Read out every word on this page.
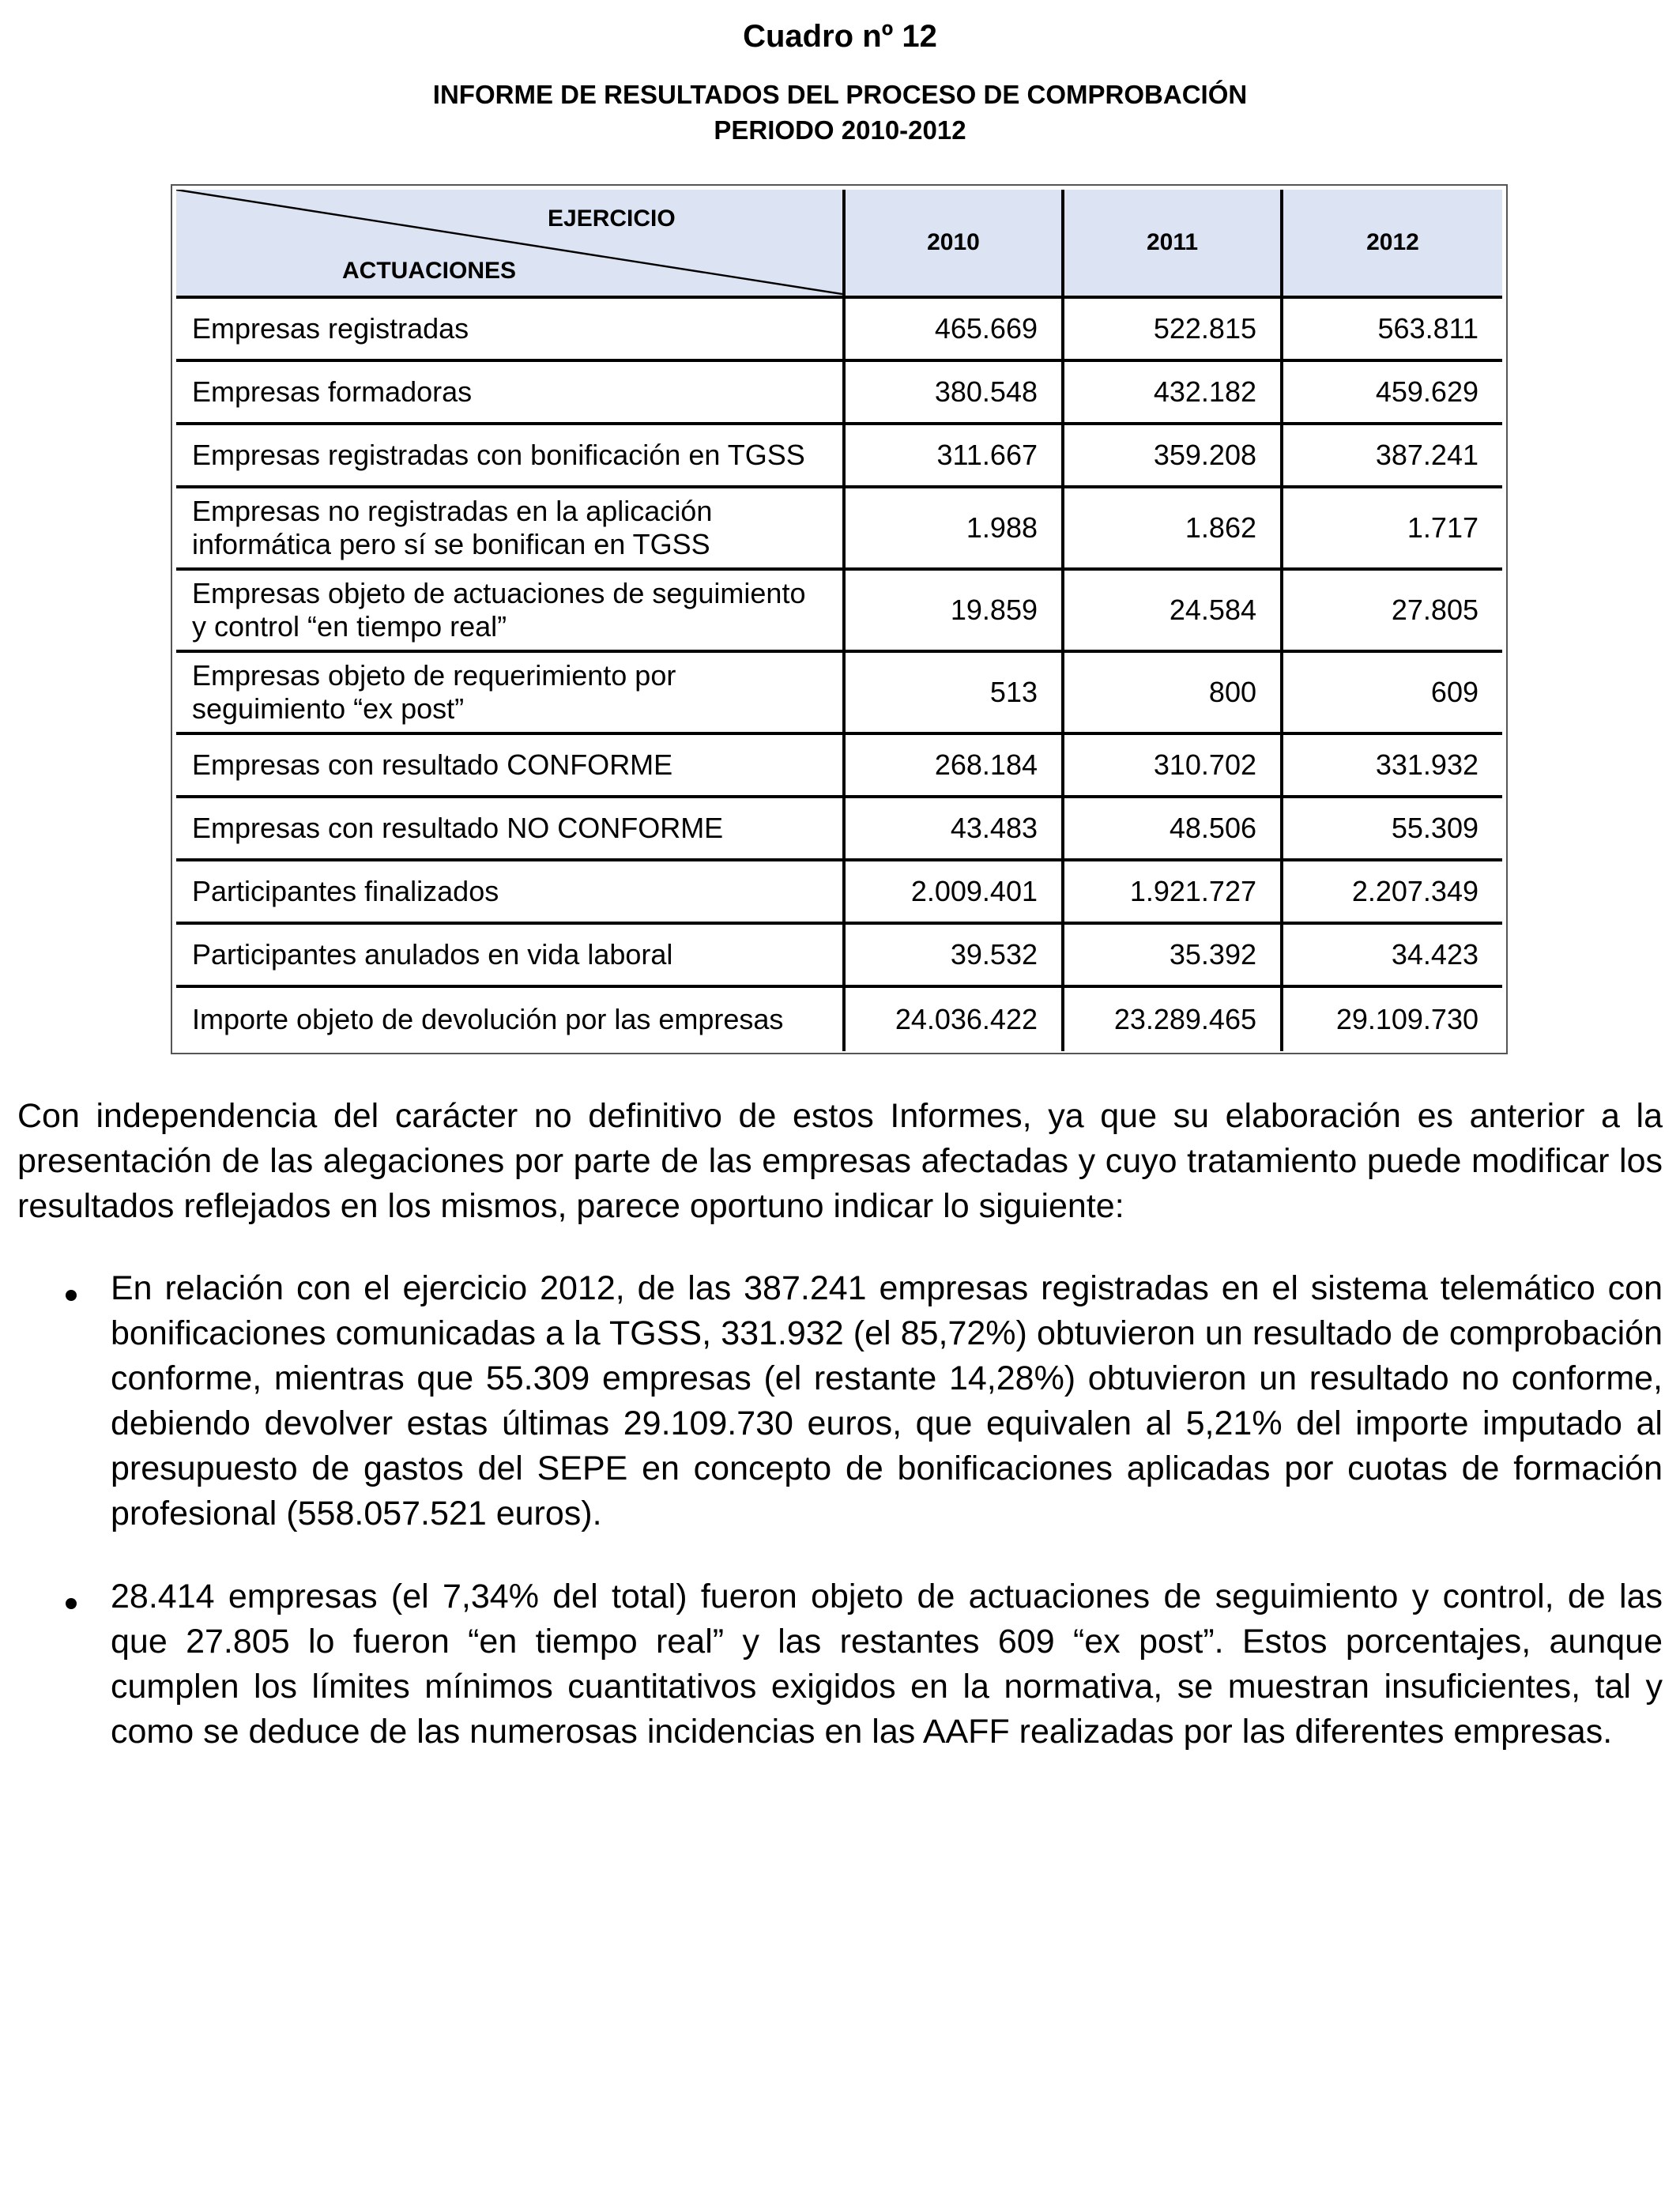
Cuadro nº 12
INFORME DE RESULTADOS DEL PROCESO DE COMPROBACIÓN
PERIODO 2010-2012
EJERCICIO
ACTUACIONES	2010	2011	2012
Empresas registradas	465.669	522.815	563.811
Empresas formadoras	380.548	432.182	459.629
Empresas registradas con bonificación en TGSS	311.667	359.208	387.241

Empresas no registradas en la aplicación
informática pero sí se bonifican en TGSS	1.988	1.862	1.717

Empresas objeto de actuaciones de seguimiento
y control “en tiempo real”	19.859	24.584	27.805

Empresas objeto de requerimiento por
seguimiento “ex post”	513	800	609
Empresas con resultado CONFORME	268.184	310.702	331.932
Empresas con resultado NO CONFORME	43.483	48.506	55.309
Participantes finalizados	2.009.401	1.921.727	2.207.349
Participantes anulados en vida laboral	39.532	35.392	34.423
Importe objeto de devolución por las empresas	24.036.422	23.289.465	29.109.730

Con independencia del carácter no definitivo de estos Informes, ya que su elaboración es anterior a la presentación de las alegaciones por parte de las empresas afectadas y cuyo tratamiento puede modificar los resultados reflejados en los mismos, parece oportuno indicar lo siguiente:

En relación con el ejercicio 2012, de las 387.241 empresas registradas en el sistema telemático con bonificaciones comunicadas a la TGSS, 331.932 (el 85,72%) obtuvieron un resultado de comprobación conforme, mientras que 55.309 empresas (el restante 14,28%) obtuvieron un resultado no conforme, debiendo devolver estas últimas 29.109.730 euros, que equivalen al 5,21% del importe imputado al presupuesto de gastos del SEPE en concepto de bonificaciones aplicadas por cuotas de formación profesional (558.057.521 euros).

28.414 empresas (el 7,34% del total) fueron objeto de actuaciones de seguimiento y control, de las que 27.805 lo fueron “en tiempo real” y las restantes 609 “ex post”. Estos porcentajes, aunque cumplen los límites mínimos cuantitativos exigidos en la normativa, se muestran insuficientes, tal y como se deduce de las numerosas incidencias en las AAFF realizadas por las diferentes empresas.
